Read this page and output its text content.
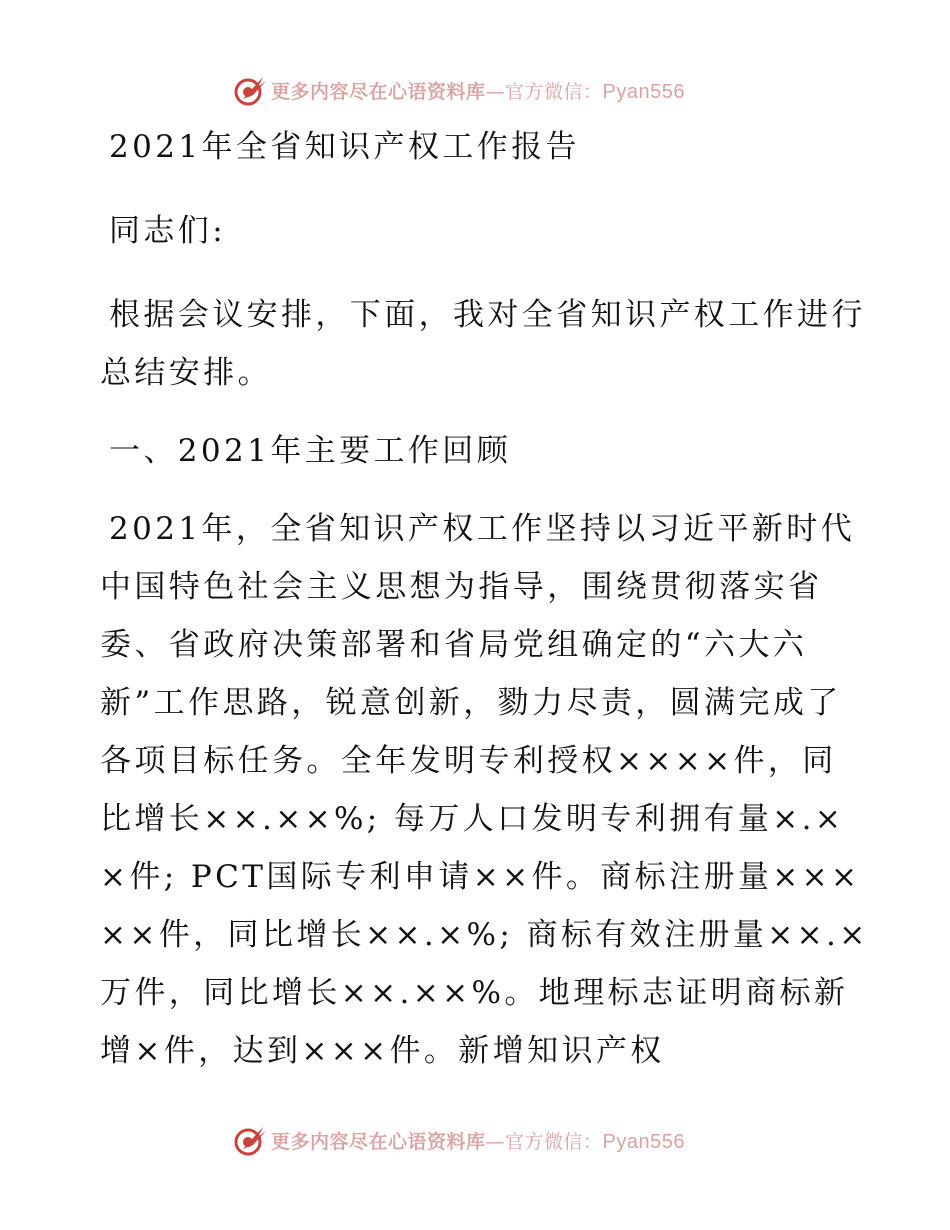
更多内容尽在心语资料库—官方微信：Pyan556

2021年全省知识产权工作报告

同志们:

根据会议安排，下面，我对全省知识产权工作进行总结安排。

一、2021年主要工作回顾

2021年，全省知识产权工作坚持以习近平新时代中国特色社会主义思想为指导，围绕贯彻落实省委、省政府决策部署和省局党组确定的“六大六新”工作思路，锐意创新，勠力尽责，圆满完成了各项目标任务。全年发明专利授权××××件，同比增长××.××%; 每万人口发明专利拥有量×.××件; PCT国际专利申请××件。商标注册量×××××件，同比增长××.×%; 商标有效注册量××.×万件，同比增长××.××%。地理标志证明商标新增×件，达到×××件。新增知识产权

更多内容尽在心语资料库—官方微信：Pyan556
